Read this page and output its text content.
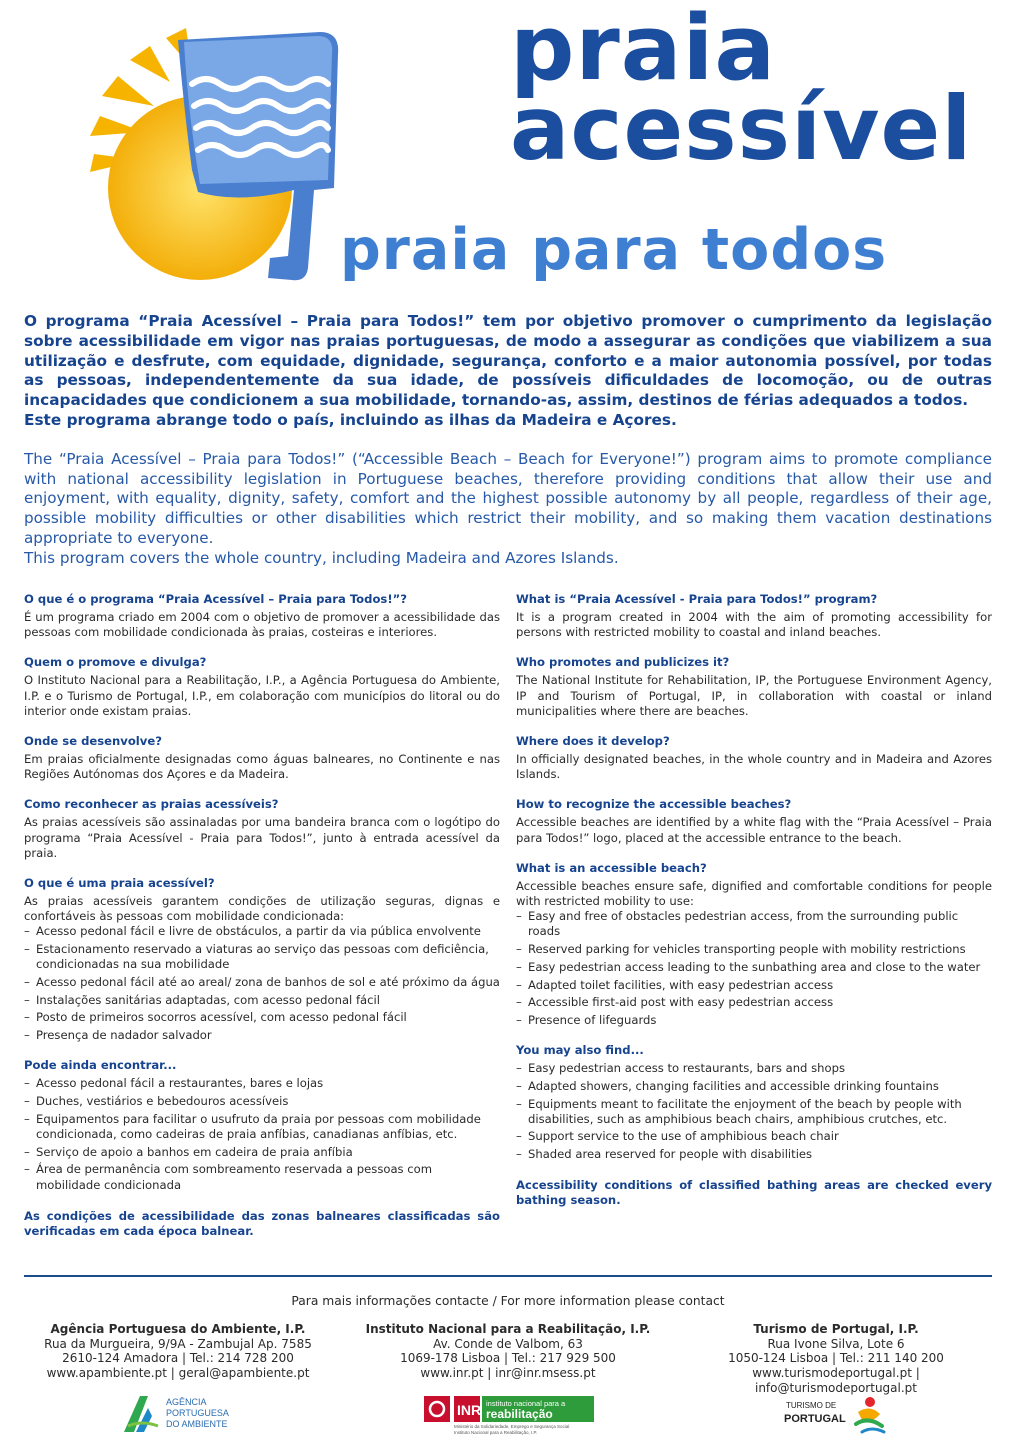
praia
acessível
praia para todos

O programa “Praia Acessível – Praia para Todos!” tem por objetivo promover o cumprimento da legislação sobre acessibilidade em vigor nas praias portuguesas, de modo a assegurar as condições que viabilizem a sua utilização e desfrute, com equidade, dignidade, segurança, conforto e a maior autonomia possível, por todas as pessoas, independentemente da sua idade, de possíveis dificuldades de locomoção, ou de outras incapacidades que condicionem a sua mobilidade, tornando-as, assim, destinos de férias adequados a todos.

Este programa abrange todo o país, incluindo as ilhas da Madeira e Açores.

The “Praia Acessível – Praia para Todos!” (“Accessible Beach – Beach for Everyone!”) program aims to promote compliance with national accessibility legislation in Portuguese beaches, therefore providing conditions that allow their use and enjoyment, with equality, dignity, safety, comfort and the highest possible autonomy by all people, regardless of their age, possible mobility difficulties or other disabilities which restrict their mobility, and so making them vacation destinations appropriate to everyone.

This program covers the whole country, including Madeira and Azores Islands.

O que é o programa “Praia Acessível – Praia para Todos!”?

É um programa criado em 2004 com o objetivo de promover a acessibilidade das pessoas com mobilidade condicionada às praias, costeiras e interiores.

Quem o promove e divulga?

O Instituto Nacional para a Reabilitação, I.P., a Agência Portuguesa do Ambiente, I.P. e o Turismo de Portugal, I.P., em colaboração com municípios do litoral ou do interior onde existam praias.

Onde se desenvolve?

Em praias oficialmente designadas como águas balneares, no Continente e nas Regiões Autónomas dos Açores e da Madeira.

Como reconhecer as praias acessíveis?

As praias acessíveis são assinaladas por uma bandeira branca com o logótipo do programa “Praia Acessível - Praia para Todos!”, junto à entrada acessível da praia.

O que é uma praia acessível?

As praias acessíveis garantem condições de utilização seguras, dignas e confortáveis às pessoas com mobilidade condicionada:

– Acesso pedonal fácil e livre de obstáculos, a partir da via pública envolvente
– Estacionamento reservado a viaturas ao serviço das pessoas com deficiência, condicionadas na sua mobilidade
– Acesso pedonal fácil até ao areal/ zona de banhos de sol e até próximo da água
– Instalações sanitárias adaptadas, com acesso pedonal fácil
– Posto de primeiros socorros acessível, com acesso pedonal fácil
– Presença de nadador salvador
Pode ainda encontrar...
– Acesso pedonal fácil a restaurantes, bares e lojas
– Duches, vestiários e bebedouros acessíveis
– Equipamentos para facilitar o usufruto da praia por pessoas com mobilidade condicionada, como cadeiras de praia anfíbias, canadianas anfíbias, etc.
– Serviço de apoio a banhos em cadeira de praia anfíbia
– Área de permanência com sombreamento reservada a pessoas com mobilidade condicionada
As condições de acessibilidade das zonas balneares classificadas são verificadas em cada época balnear.
What is “Praia Acessível - Praia para Todos!” program?

It is a program created in 2004 with the aim of promoting accessibility for persons with restricted mobility to coastal and inland beaches.

Who promotes and publicizes it?

The National Institute for Rehabilitation, IP, the Portuguese Environment Agency, IP and Tourism of Portugal, IP, in collaboration with coastal or inland municipalities where there are beaches.

Where does it develop?

In officially designated beaches, in the whole country and in Madeira and Azores Islands.

How to recognize the accessible beaches?

Accessible beaches are identified by a white flag with the “Praia Acessível – Praia para Todos!” logo, placed at the accessible entrance to the beach.

What is an accessible beach?

Accessible beaches ensure safe, dignified and comfortable conditions for people with restricted mobility to use:

– Easy and free of obstacles pedestrian access, from the surrounding public roads
– Reserved parking for vehicles transporting people with mobility restrictions
– Easy pedestrian access leading to the sunbathing area and close to the water
– Adapted toilet facilities, with easy pedestrian access
– Accessible first-aid post with easy pedestrian access
– Presence of lifeguards
You may also find...
– Easy pedestrian access to restaurants, bars and shops
– Adapted showers, changing facilities and accessible drinking fountains
– Equipments meant to facilitate the enjoyment of the beach by people with disabilities, such as amphibious beach chairs, amphibious crutches, etc.
– Support service to the use of amphibious beach chair
– Shaded area reserved for people with disabilities
Accessibility conditions of classified bathing areas are checked every bathing season.
Para mais informações contacte / For more information please contact
Agência Portuguesa do Ambiente, I.P.
Rua da Murgueira, 9/9A - Zambujal Ap. 7585
2610-124 Amadora | Tel.: 214 728 200
www.apambiente.pt | geral@apambiente.pt
Instituto Nacional para a Reabilitação, I.P.
Av. Conde de Valbom, 63
1069-178 Lisboa | Tel.: 217 929 500
www.inr.pt | inr@inr.msess.pt
Turismo de Portugal, I.P.
Rua Ivone Silva, Lote 6
1050-124 Lisboa | Tel.: 211 140 200
www.turismodeportugal.pt | info@turismodeportugal.pt
AGÊNCIA
PORTUGUESA
DO AMBIENTE
INR instituto nacional para a
reabilitação
Ministério da Solidariedade, Emprego e Segurança Social
Instituto Nacional para a Reabilitação, I.P.
TURISMO DE
PORTUGAL
